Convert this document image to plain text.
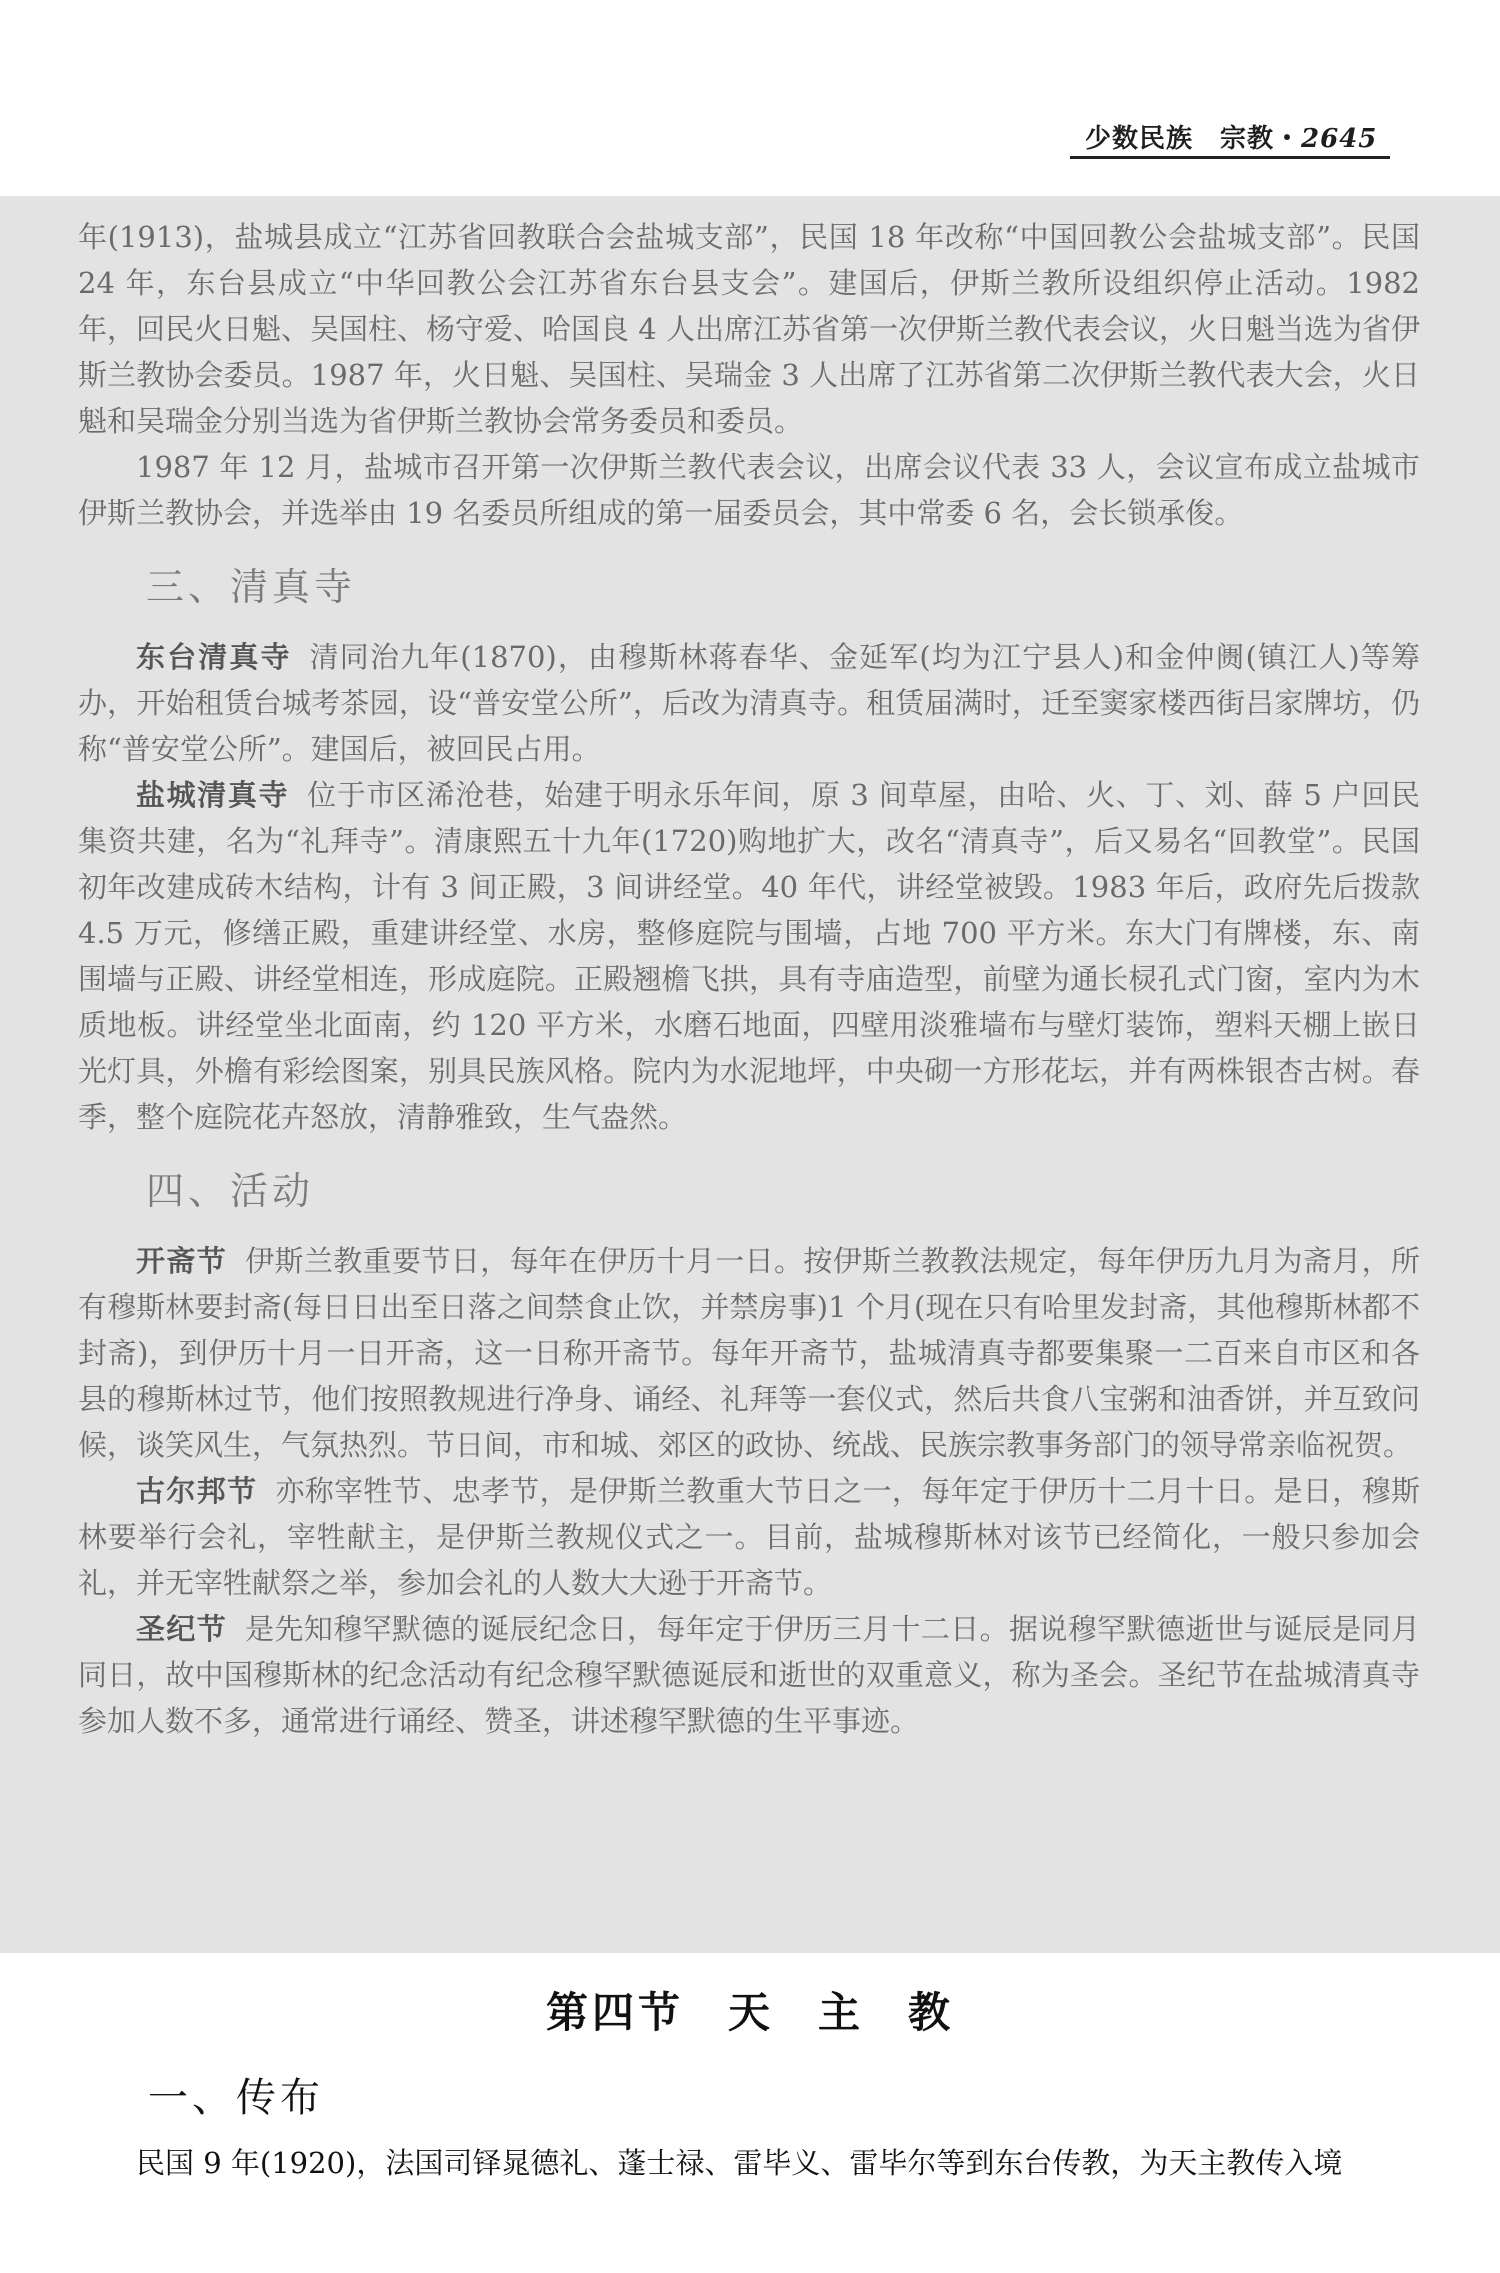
少数民族　宗教・2645

年(1913)，盐城县成立“江苏省回教联合会盐城支部”，民国 18 年改称“中国回教公会盐城支部”。民国 24 年，东台县成立“中华回教公会江苏省东台县支会”。建国后，伊斯兰教所设组织停止活动。1982 年，回民火日魁、吴国柱、杨守爱、哈国良 4 人出席江苏省第一次伊斯兰教代表会议，火日魁当选为省伊斯兰教协会委员。1987 年，火日魁、吴国柱、吴瑞金 3 人出席了江苏省第二次伊斯兰教代表大会，火日魁和吴瑞金分别当选为省伊斯兰教协会常务委员和委员。

1987 年 12 月，盐城市召开第一次伊斯兰教代表会议，出席会议代表 33 人，会议宣布成立盐城市伊斯兰教协会，并选举由 19 名委员所组成的第一届委员会，其中常委 6 名，会长锁承俊。

三、清真寺

东台清真寺 清同治九年(1870)，由穆斯林蒋春华、金延军(均为江宁县人)和金仲阓(镇江人)等筹办，开始租赁台城考茶园，设“普安堂公所”，后改为清真寺。租赁届满时，迁至窦家楼西街吕家牌坊，仍称“普安堂公所”。建国后，被回民占用。

盐城清真寺 位于市区浠沧巷，始建于明永乐年间，原 3 间草屋，由哈、火、丁、刘、薛 5 户回民集资共建，名为“礼拜寺”。清康熙五十九年(1720)购地扩大，改名“清真寺”，后又易名“回教堂”。民国初年改建成砖木结构，计有 3 间正殿，3 间讲经堂。40 年代，讲经堂被毁。1983 年后，政府先后拨款 4.5 万元，修缮正殿，重建讲经堂、水房，整修庭院与围墙，占地 700 平方米。东大门有牌楼，东、南围墙与正殿、讲经堂相连，形成庭院。正殿翘檐飞拱，具有寺庙造型，前壁为通长棂孔式门窗，室内为木质地板。讲经堂坐北面南，约 120 平方米，水磨石地面，四壁用淡雅墙布与壁灯装饰，塑料天棚上嵌日光灯具，外檐有彩绘图案，别具民族风格。院内为水泥地坪，中央砌一方形花坛，并有两株银杏古树。春季，整个庭院花卉怒放，清静雅致，生气盎然。

四、活动

开斋节 伊斯兰教重要节日，每年在伊历十月一日。按伊斯兰教教法规定，每年伊历九月为斋月，所有穆斯林要封斋(每日日出至日落之间禁食止饮，并禁房事)1 个月(现在只有哈里发封斋，其他穆斯林都不封斋)，到伊历十月一日开斋，这一日称开斋节。每年开斋节，盐城清真寺都要集聚一二百来自市区和各县的穆斯林过节，他们按照教规进行净身、诵经、礼拜等一套仪式，然后共食八宝粥和油香饼，并互致问候，谈笑风生，气氛热烈。节日间，市和城、郊区的政协、统战、民族宗教事务部门的领导常亲临祝贺。

古尔邦节 亦称宰牲节、忠孝节，是伊斯兰教重大节日之一，每年定于伊历十二月十日。是日，穆斯林要举行会礼，宰牲献主，是伊斯兰教规仪式之一。目前，盐城穆斯林对该节已经简化，一般只参加会礼，并无宰牲献祭之举，参加会礼的人数大大逊于开斋节。

圣纪节 是先知穆罕默德的诞辰纪念日，每年定于伊历三月十二日。据说穆罕默德逝世与诞辰是同月同日，故中国穆斯林的纪念活动有纪念穆罕默德诞辰和逝世的双重意义，称为圣会。圣纪节在盐城清真寺参加人数不多，通常进行诵经、赞圣，讲述穆罕默德的生平事迹。

第四节 天 主 教
一、传布
民国 9 年(1920)，法国司铎晁德礼、蓬士禄、雷毕义、雷毕尔等到东台传教，为天主教传入境
